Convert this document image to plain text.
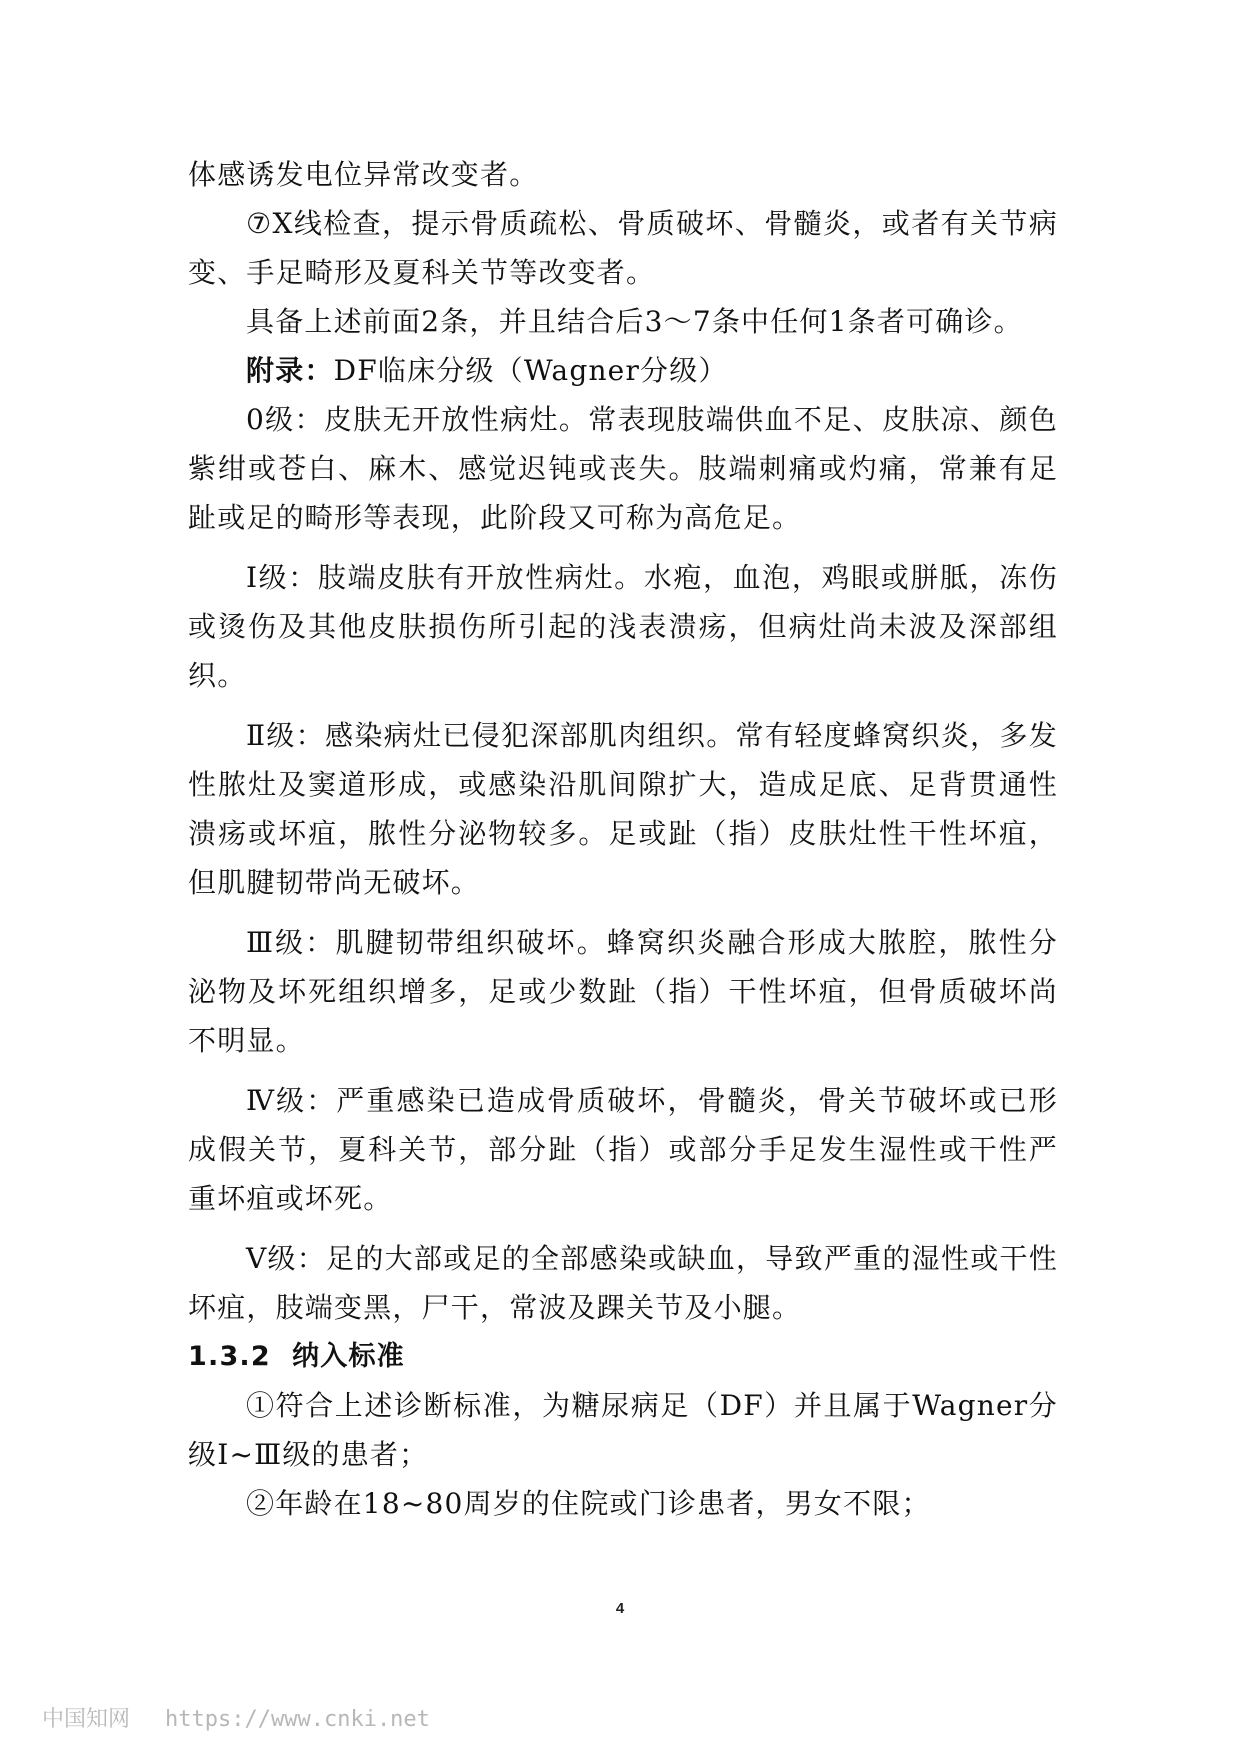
体感诱发电位异常改变者。

⑦X线检查，提示骨质疏松、骨质破坏、骨髓炎，或者有关节病变、手足畸形及夏科关节等改变者。

具备上述前面2条，并且结合后3～7条中任何1条者可确诊。

附录：DF临床分级（Wagner分级）

0级：皮肤无开放性病灶。常表现肢端供血不足、皮肤凉、颜色紫绀或苍白、麻木、感觉迟钝或丧失。肢端刺痛或灼痛，常兼有足趾或足的畸形等表现，此阶段又可称为高危足。

I级：肢端皮肤有开放性病灶。水疱，血泡，鸡眼或胼胝，冻伤或烫伤及其他皮肤损伤所引起的浅表溃疡，但病灶尚未波及深部组织。

Ⅱ级：感染病灶已侵犯深部肌肉组织。常有轻度蜂窝织炎，多发性脓灶及窦道形成，或感染沿肌间隙扩大，造成足底、足背贯通性溃疡或坏疽，脓性分泌物较多。足或趾（指）皮肤灶性干性坏疽，但肌腱韧带尚无破坏。

Ⅲ级：肌腱韧带组织破坏。蜂窝织炎融合形成大脓腔，脓性分泌物及坏死组织增多，足或少数趾（指）干性坏疽，但骨质破坏尚不明显。

Ⅳ级：严重感染已造成骨质破坏，骨髓炎，骨关节破坏或已形成假关节，夏科关节，部分趾（指）或部分手足发生湿性或干性严重坏疽或坏死。

Ⅴ级：足的大部或足的全部感染或缺血，导致严重的湿性或干性坏疽，肢端变黑，尸干，常波及踝关节及小腿。

1.3.2 纳入标准

①符合上述诊断标准，为糖尿病足（DF）并且属于Wagner分级I~Ⅲ级的患者；

②年龄在18~80周岁的住院或门诊患者，男女不限；

4
中国知网 https://www.cnki.net
